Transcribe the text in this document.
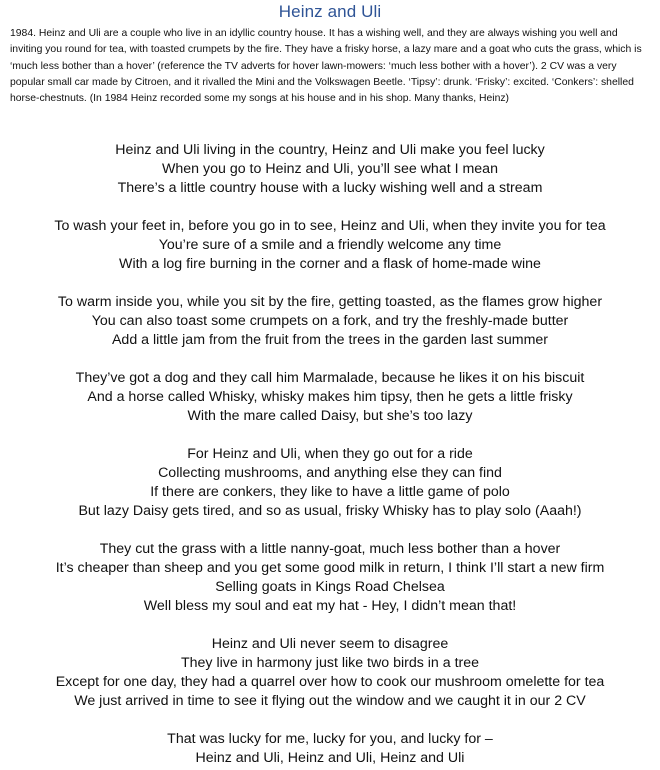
Heinz and Uli
1984. Heinz and Uli are a couple who live in an idyllic country house. It has a wishing well, and they are always wishing you well and inviting you round for tea, with toasted crumpets by the fire. They have a frisky horse, a lazy mare and a goat who cuts the grass, which is ‘much less bother than a hover’ (reference the TV adverts for hover lawn-mowers: ‘much less bother with a hover’). 2 CV was a very popular small car made by Citroen, and it rivalled the Mini and the Volkswagen Beetle. ‘Tipsy’: drunk. ‘Frisky’: excited. ‘Conkers’: shelled horse-chestnuts. (In 1984 Heinz recorded some my songs at his house and in his shop. Many thanks, Heinz)
Heinz and Uli living in the country, Heinz and Uli make you feel lucky
When you go to Heinz and Uli, you’ll see what I mean
There’s a little country house with a lucky wishing well and a stream
To wash your feet in, before you go in to see, Heinz and Uli, when they invite you for tea
You’re sure of a smile and a friendly welcome any time
With a log fire burning in the corner and a flask of home-made wine
To warm inside you, while you sit by the fire, getting toasted, as the flames grow higher
You can also toast some crumpets on a fork, and try the freshly-made butter
Add a little jam from the fruit from the trees in the garden last summer
They’ve got a dog and they call him Marmalade, because he likes it on his biscuit
And a horse called Whisky, whisky makes him tipsy, then he gets a little frisky
With the mare called Daisy, but she’s too lazy
For Heinz and Uli, when they go out for a ride
Collecting mushrooms, and anything else they can find
If there are conkers, they like to have a little game of polo
But lazy Daisy gets tired, and so as usual, frisky Whisky has to play solo (Aaah!)
They cut the grass with a little nanny-goat, much less bother than a hover
It’s cheaper than sheep and you get some good milk in return, I think I’ll start a new firm
Selling goats in Kings Road Chelsea
Well bless my soul and eat my hat - Hey, I didn’t mean that!
Heinz and Uli never seem to disagree
They live in harmony just like two birds in a tree
Except for one day, they had a quarrel over how to cook our mushroom omelette for tea
We just arrived in time to see it flying out the window and we caught it in our 2 CV
That was lucky for me, lucky for you, and lucky for –
Heinz and Uli, Heinz and Uli, Heinz and Uli
